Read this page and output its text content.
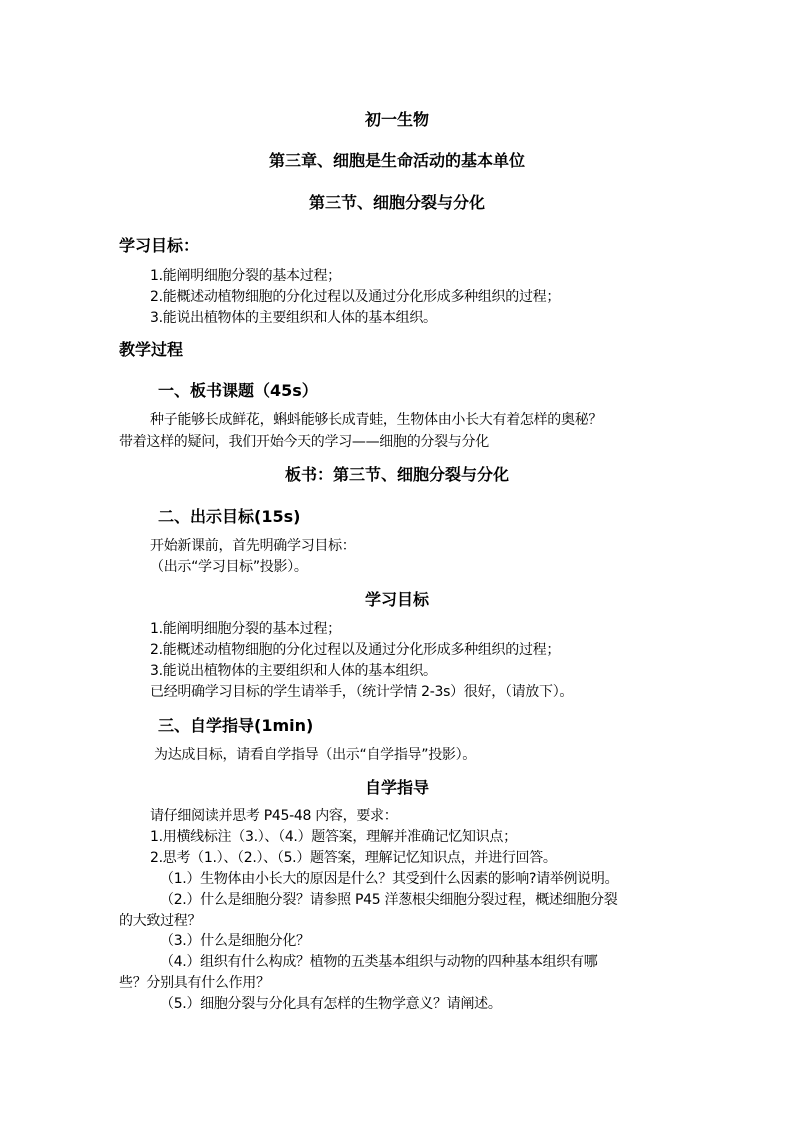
初一生物
第三章、细胞是生命活动的基本单位
第三节、细胞分裂与分化
学习目标：
1.能阐明细胞分裂的基本过程；
2.能概述动植物细胞的分化过程以及通过分化形成多种组织的过程；
3.能说出植物体的主要组织和人体的基本组织。
教学过程
一、板书课题（45s）
种子能够长成鲜花，蝌蚪能够长成青蛙，生物体由小长大有着怎样的奥秘？
带着这样的疑问，我们开始今天的学习——细胞的分裂与分化
板书：第三节、细胞分裂与分化
二、出示目标(15s)
开始新课前，首先明确学习目标：
（出示“学习目标”投影）。
学习目标
1.能阐明细胞分裂的基本过程；
2.能概述动植物细胞的分化过程以及通过分化形成多种组织的过程；
3.能说出植物体的主要组织和人体的基本组织。
已经明确学习目标的学生请举手，（统计学情 2-3s）很好，（请放下）。
三、自学指导(1min)
为达成目标，请看自学指导（出示“自学指导”投影）。
自学指导
请仔细阅读并思考 P45-48 内容，要求：
1.用横线标注（3.）、（4.）题答案，理解并准确记忆知识点；
2.思考（1.）、（2.）、（5.）题答案，理解记忆知识点，并进行回答。
（1.）生物体由小长大的原因是什么？其受到什么因素的影响?请举例说明。
（2.）什么是细胞分裂？请参照 P45 洋葱根尖细胞分裂过程，概述细胞分裂
的大致过程？
（3.）什么是细胞分化？
（4.）组织有什么构成？植物的五类基本组织与动物的四种基本组织有哪
些？分别具有什么作用？
（5.）细胞分裂与分化具有怎样的生物学意义？请阐述。
